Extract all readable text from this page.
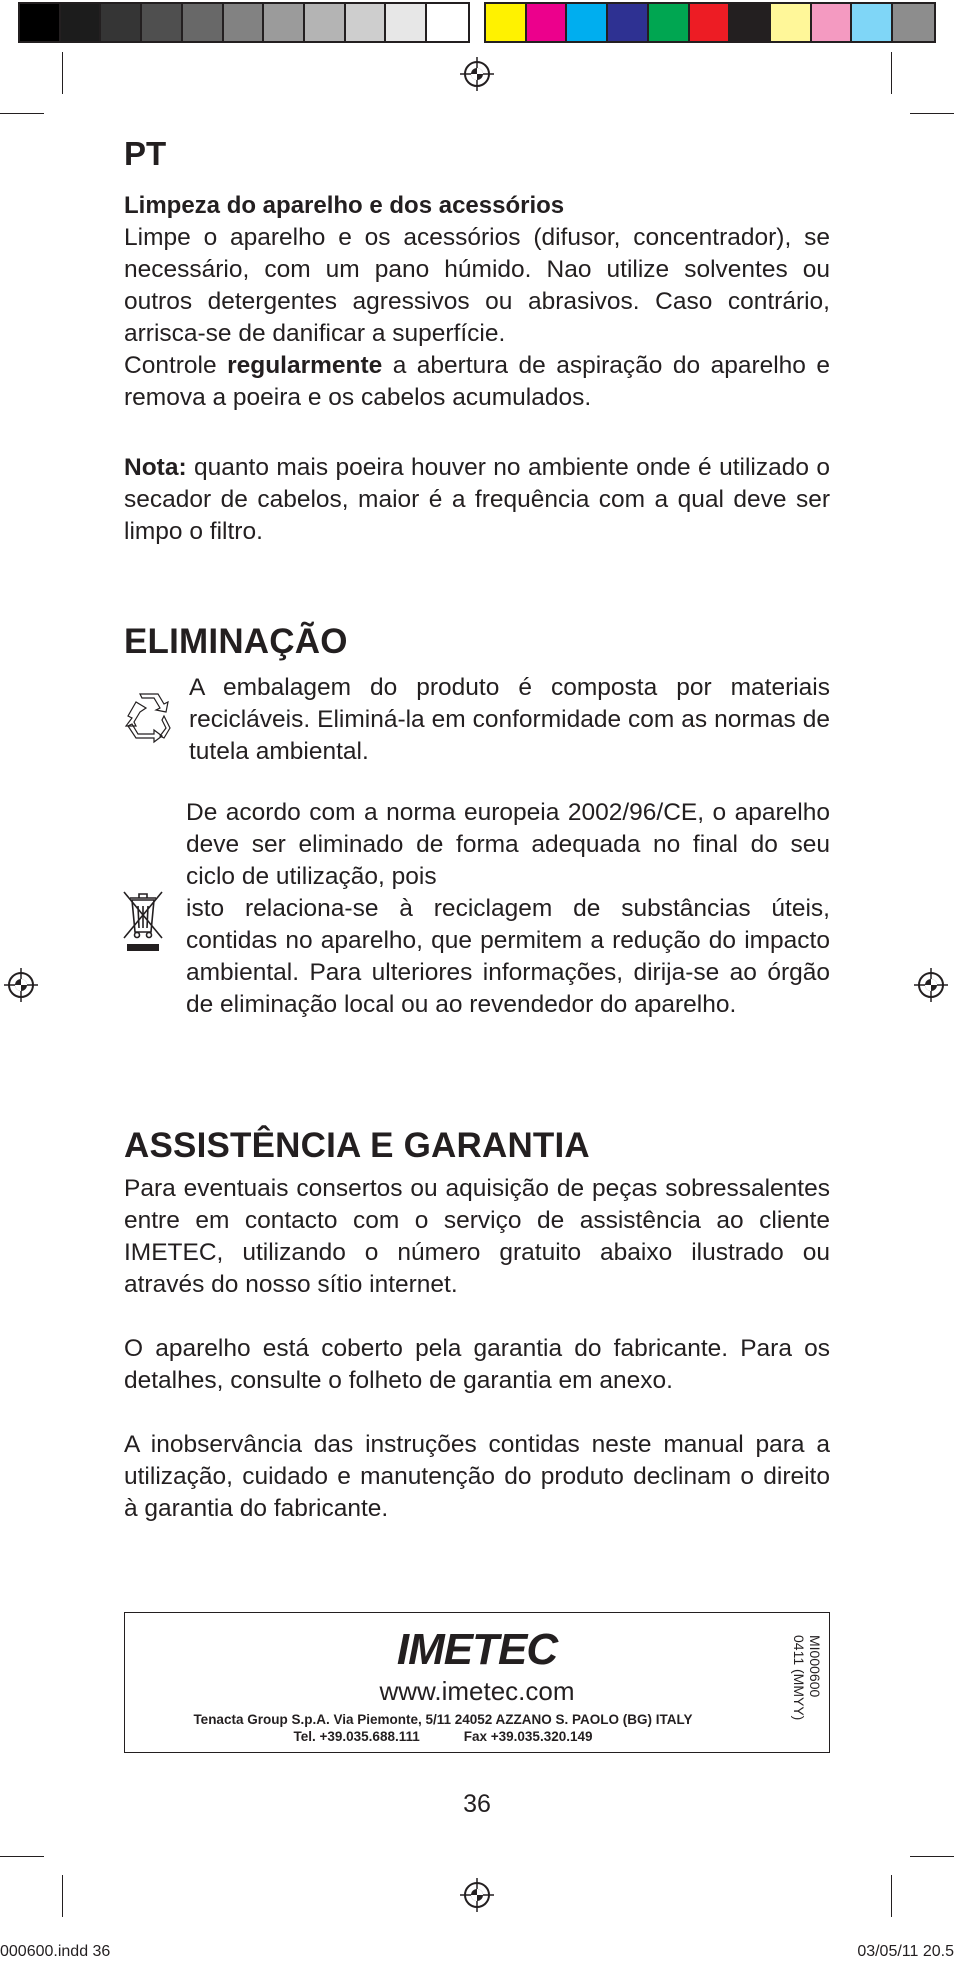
PT
Limpeza do aparelho e dos acessórios

Limpe o aparelho e os acessórios (difusor, concentrador), se necessário, com um pano húmido. Nao utilize solventes ou outros detergentes agressivos ou abrasivos. Caso contrário, arrisca-se de danificar a superfície.

Controle regularmente a abertura de aspiração do aparelho e remova a poeira e os cabelos acumulados.

Nota: quanto mais poeira houver no ambiente onde é utilizado o secador de cabelos, maior é a frequência com a qual deve ser limpo o filtro.

ELIMINAÇÃO

A embalagem do produto é composta por materiais recicláveis. Eliminá-la em conformidade com as normas de tutela ambiental.

De acordo com a norma europeia 2002/96/CE, o aparelho deve ser eliminado de forma adequada no final do seu ciclo de utilização, pois

isto relaciona-se à reciclagem de substâncias úteis, contidas no aparelho, que permitem a redução do impacto ambiental. Para ulteriores informações, dirija-se ao órgão de eliminação local ou ao revendedor do aparelho.

ASSISTÊNCIA E GARANTIA

Para eventuais consertos ou aquisição de peças sobressalentes entre em contacto com o serviço de assistência ao cliente IMETEC, utilizando o número gratuito abaixo ilustrado ou através do nosso sítio internet.

O aparelho está coberto pela garantia do fabricante. Para os detalhes, consulte o folheto de garantia em anexo.

A inobservância das instruções contidas neste manual para a utilização, cuidado e manutenção do produto declinam o direito à garantia do fabricante.

IMETEC
www.imetec.com
Tenacta Group S.p.A. Via Piemonte, 5/11 24052 AZZANO S. PAOLO (BG) ITALY
Tel. +39.035.688.111	Fax +39.035.320.149
MI000600
0411 (MMYY)
36
000600.indd 36	03/05/11 20.5
